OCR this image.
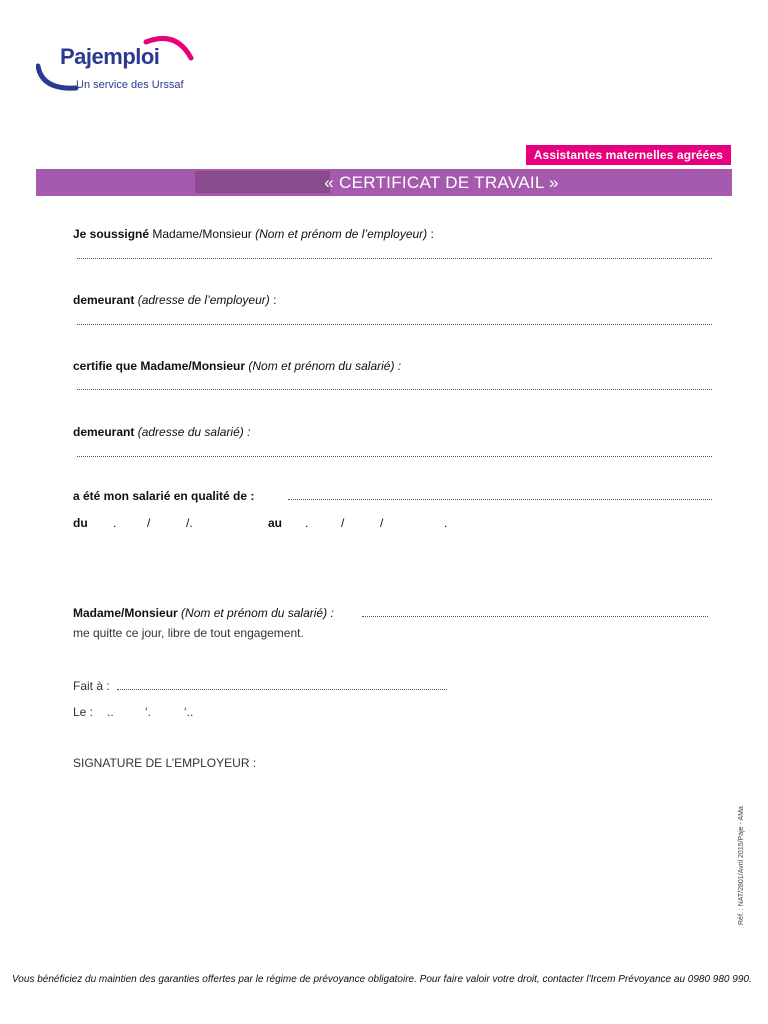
Pajemploi
Un service des Urssaf
Assistantes maternelles agréées
« CERTIFICAT DE TRAVAIL »
Je soussigné Madame/Monsieur (Nom et prénom de l’employeur) :
demeurant (adresse de l’employeur) :
certifie que Madame/Monsieur (Nom et prénom du salarié) :
demeurant (adresse du salarié) :
a été mon salarié en qualité de :
du .	/	/.	au .	/	/	.
Madame/Monsieur (Nom et prénom du salarié) :
me quitte ce jour, libre de tout engagement.
Fait à :
Le : ..	‘.	‘..
SIGNATURE DE L’EMPLOYEUR :
Réf. : NAT/2801/Avril 2015/Paje - AMa
Vous bénéficiez du maintien des garanties offertes par le régime de prévoyance obligatoire. Pour faire valoir votre droit, contacter l'Ircem Prévoyance au 0980 980 990.
